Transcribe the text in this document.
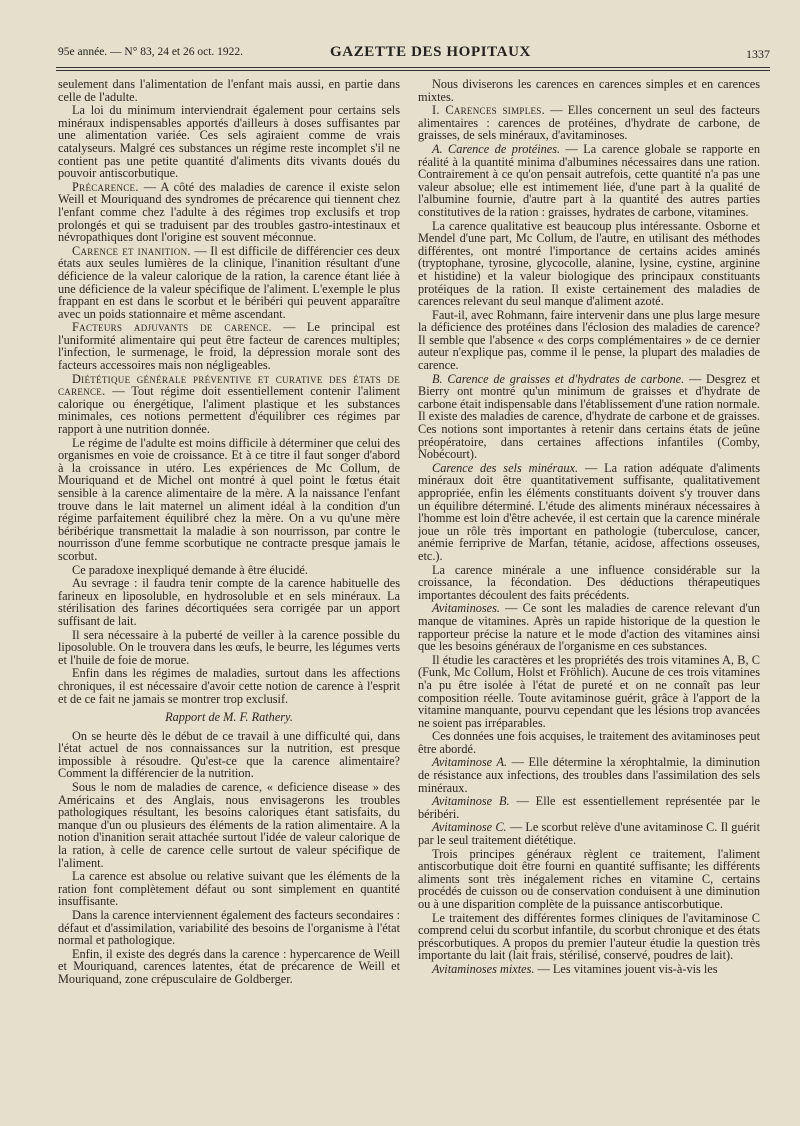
95e année. — N° 83, 24 et 26 oct. 1922.	GAZETTE DES HOPITAUX	1337

seulement dans l'alimentation de l'enfant mais aussi, en partie dans celle de l'adulte.

La loi du minimum interviendrait également pour certains sels minéraux indispensables apportés d'ailleurs à doses suffisantes par une alimentation variée. Ces sels agiraient comme de vrais catalyseurs. Malgré ces substances un régime reste incomplet s'il ne contient pas une petite quantité d'aliments dits vivants doués du pouvoir antiscorbutique.

Précarence. — A côté des maladies de carence il existe selon Weill et Mouriquand des syndromes de précarence qui tiennent chez l'enfant comme chez l'adulte à des régimes trop exclusifs et trop prolongés et qui se traduisent par des troubles gastro-intestinaux et névropathiques dont l'origine est souvent méconnue.

Carence et inanition. — Il est difficile de différencier ces deux états aux seules lumières de la clinique, l'inanition résultant d'une déficience de la valeur calorique de la ration, la carence étant liée à une déficience de la valeur spécifique de l'aliment. L'exemple le plus frappant en est dans le scorbut et le béribéri qui peuvent apparaître avec un poids stationnaire et même ascendant.

Facteurs adjuvants de carence. — Le principal est l'uniformité alimentaire qui peut être facteur de carences multiples; l'infection, le surmenage, le froid, la dépression morale sont des facteurs accessoires mais non négligeables.

Diététique générale préventive et curative des états de carence. — Tout régime doit essentiellement contenir l'aliment calorique ou énergétique, l'aliment plastique et les substances minimales, ces notions permettent d'équilibrer ces régimes par rapport à une nutrition donnée.

Le régime de l'adulte est moins difficile à déterminer que celui des organismes en voie de croissance. Et à ce titre il faut songer d'abord à la croissance in utéro. Les expériences de Mc Collum, de Mouriquand et de Michel ont montré à quel point le fœtus était sensible à la carence alimentaire de la mère. A la naissance l'enfant trouve dans le lait maternel un aliment idéal à la condition d'un régime parfaitement équilibré chez la mère. On a vu qu'une mère béribérique transmettait la maladie à son nourrisson, par contre le nourrisson d'une femme scorbutique ne contracte presque jamais le scorbut.

Ce paradoxe inexpliqué demande à être élucidé.

Au sevrage : il faudra tenir compte de la carence habituelle des farineux en liposoluble, en hydrosoluble et en sels minéraux. La stérilisation des farines décortiquées sera corrigée par un apport suffisant de lait.

Il sera nécessaire à la puberté de veiller à la carence possible du liposoluble. On le trouvera dans les œufs, le beurre, les légumes verts et l'huile de foie de morue.

Enfin dans les régimes de maladies, surtout dans les affections chroniques, il est nécessaire d'avoir cette notion de carence à l'esprit et de ce fait ne jamais se montrer trop exclusif.

Rapport de M. F. Rathery.

On se heurte dès le début de ce travail à une difficulté qui, dans l'état actuel de nos connaissances sur la nutrition, est presque impossible à résoudre. Qu'est-ce que la carence alimentaire? Comment la différencier de la nutrition.

Sous le nom de maladies de carence, « deficience disease » des Américains et des Anglais, nous envisagerons les troubles pathologiques résultant, les besoins caloriques étant satisfaits, du manque d'un ou plusieurs des éléments de la ration alimentaire. A la notion d'inanition serait attachée surtout l'idée de valeur calorique de la ration, à celle de carence celle surtout de valeur spécifique de l'aliment.

La carence est absolue ou relative suivant que les éléments de la ration font complètement défaut ou sont simplement en quantité insuffisante.

Dans la carence interviennent également des facteurs secondaires : défaut et d'assimilation, variabilité des besoins de l'organisme à l'état normal et pathologique.

Enfin, il existe des degrés dans la carence : hypercarence de Weill et Mouriquand, carences latentes, état de précarence de Weill et Mouriquand, zone crépusculaire de Goldberger.

Nous diviserons les carences en carences simples et en carences mixtes.

I. Carences simples. — Elles concernent un seul des facteurs alimentaires : carences de protéines, d'hydrate de carbone, de graisses, de sels minéraux, d'avitaminoses.

A. Carence de protéines. — La carence globale se rapporte en réalité à la quantité minima d'albumines nécessaires dans une ration. Contrairement à ce qu'on pensait autrefois, cette quantité n'a pas une valeur absolue; elle est intimement liée, d'une part à la qualité de l'albumine fournie, d'autre part à la quantité des autres parties constitutives de la ration : graisses, hydrates de carbone, vitamines.

La carence qualitative est beaucoup plus intéressante. Osborne et Mendel d'une part, Mc Collum, de l'autre, en utilisant des méthodes différentes, ont montré l'importance de certains acides aminés (tryptophane, tyrosine, glycocolle, alanine, lysine, cystine, arginine et histidine) et la valeur biologique des principaux constituants protéiques de la ration. Il existe certainement des maladies de carences relevant du seul manque d'aliment azoté.

Faut-il, avec Rohmann, faire intervenir dans une plus large mesure la déficience des protéines dans l'éclosion des maladies de carence? Il semble que l'absence « des corps complémentaires » de ce dernier auteur n'explique pas, comme il le pense, la plupart des maladies de carence.

B. Carence de graisses et d'hydrates de carbone. — Desgrez et Bierry ont montré qu'un minimum de graisses et d'hydrate de carbone était indispensable dans l'établissement d'une ration normale. Il existe des maladies de carence, d'hydrate de carbone et de graisses. Ces notions sont importantes à retenir dans certains états de jeûne préopératoire, dans certaines affections infantiles (Comby, Nobécourt).

Carence des sels minéraux. — La ration adéquate d'aliments minéraux doit être quantitativement suffisante, qualitativement appropriée, enfin les éléments constituants doivent s'y trouver dans un équilibre déterminé. L'étude des aliments minéraux nécessaires à l'homme est loin d'être achevée, il est certain que la carence minérale joue un rôle très important en pathologie (tuberculose, cancer, anémie ferriprive de Marfan, tétanie, acidose, affections osseuses, etc.).

La carence minérale a une influence considérable sur la croissance, la fécondation. Des déductions thérapeutiques importantes découlent des faits précédents.

Avitaminoses. — Ce sont les maladies de carence relevant d'un manque de vitamines. Après un rapide historique de la question le rapporteur précise la nature et le mode d'action des vitamines ainsi que les besoins généraux de l'organisme en ces substances.

Il étudie les caractères et les propriétés des trois vitamines A, B, C (Funk, Mc Collum, Holst et Fröhlich). Aucune de ces trois vitamines n'a pu être isolée à l'état de pureté et on ne connaît pas leur composition réelle. Toute avitaminose guérit, grâce à l'apport de la vitamine manquante, pourvu cependant que les lésions trop avancées ne soient pas irréparables.

Ces données une fois acquises, le traitement des avitaminoses peut être abordé.

Avitaminose A. — Elle détermine la xérophtalmie, la diminution de résistance aux infections, des troubles dans l'assimilation des sels minéraux.

Avitaminose B. — Elle est essentiellement représentée par le béribéri.

Avitaminose C. — Le scorbut relève d'une avitaminose C. Il guérit par le seul traitement diététique.

Trois principes généraux règlent ce traitement, l'aliment antiscorbutique doit être fourni en quantité suffisante; les différents aliments sont très inégalement riches en vitamine C, certains procédés de cuisson ou de conservation conduisent à une diminution ou à une disparition complète de la puissance antiscorbutique.

Le traitement des différentes formes cliniques de l'avitaminose C comprend celui du scorbut infantile, du scorbut chronique et des états préscorbutiques. A propos du premier l'auteur étudie la question très importante du lait (lait frais, stérilisé, conservé, poudres de lait).

Avitaminoses mixtes. — Les vitamines jouent vis-à-vis les
